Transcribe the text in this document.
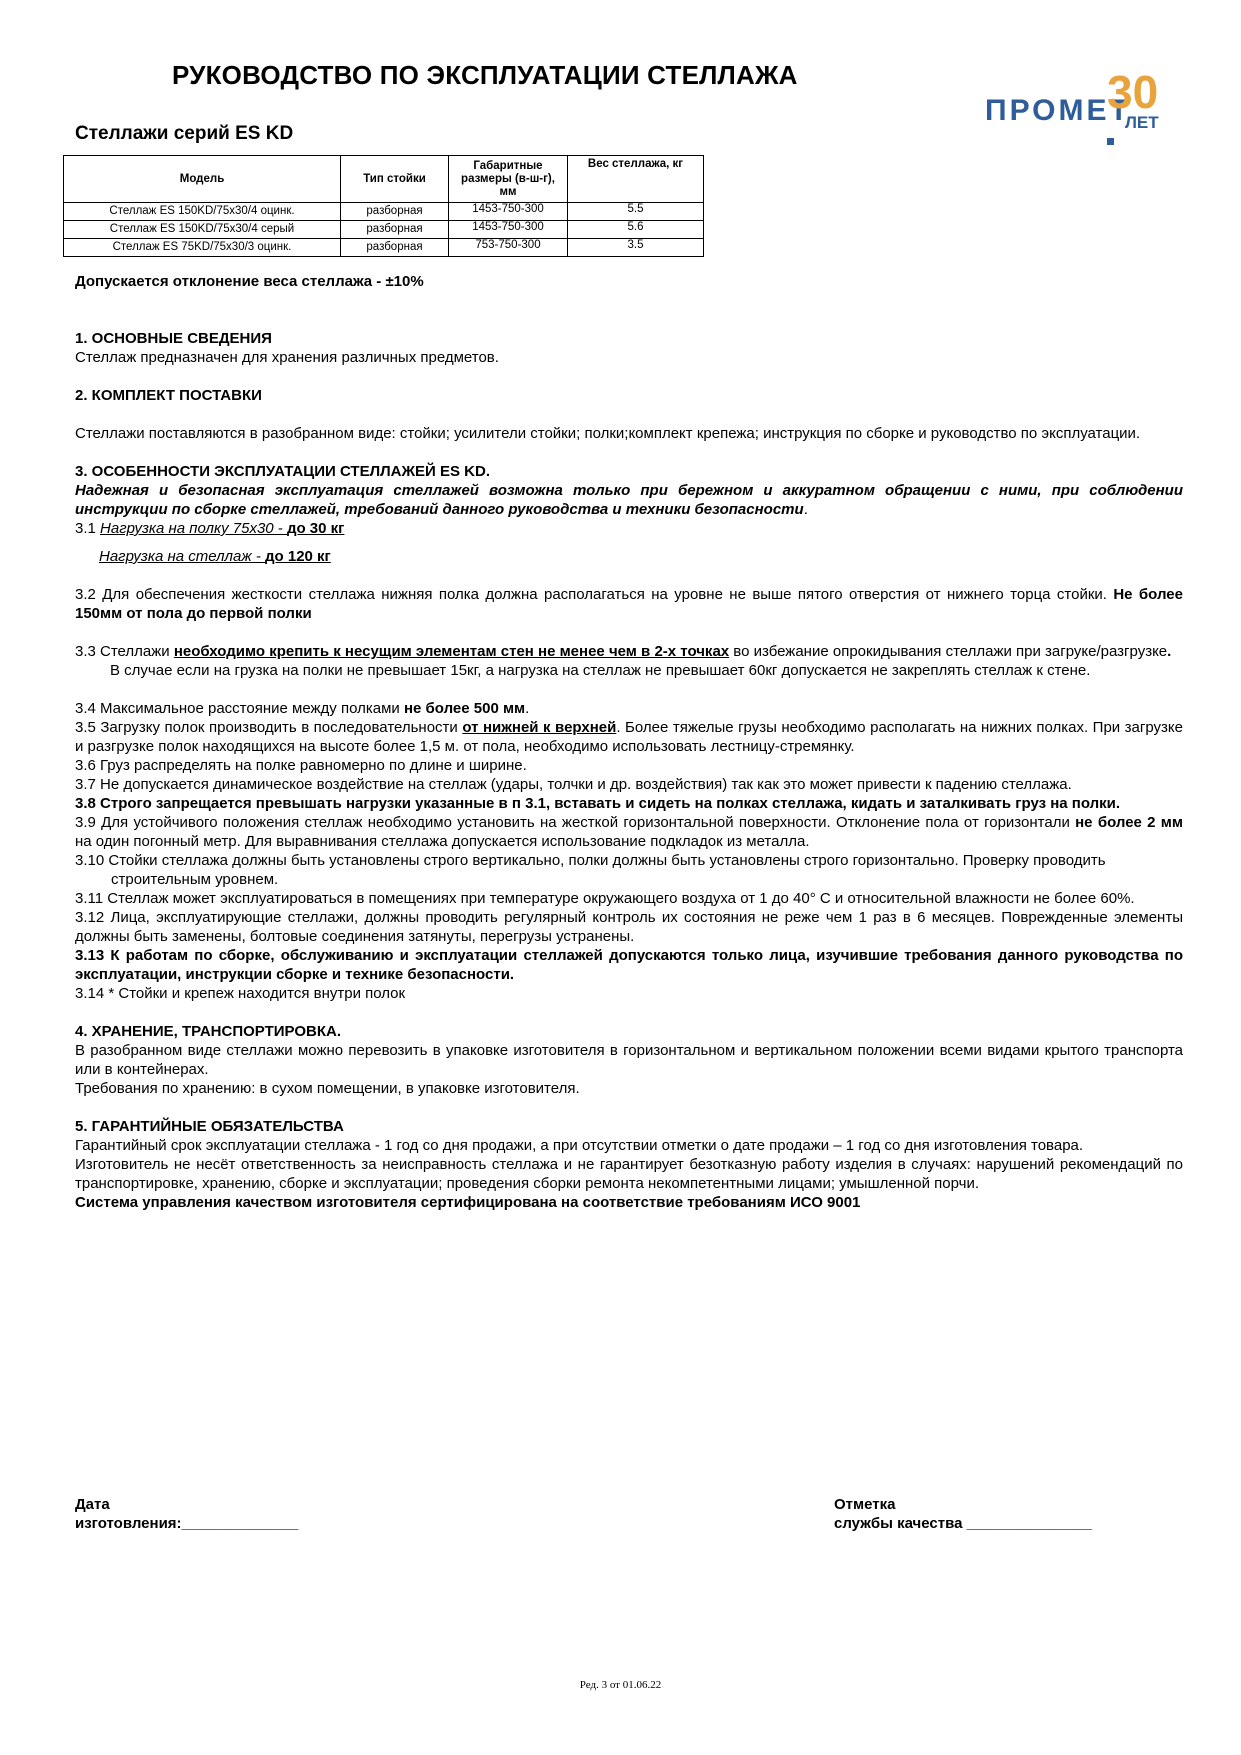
РУКОВОДСТВО ПО ЭКСПЛУАТАЦИИ СТЕЛЛАЖА
ПРОМЕТ
30
ЛЕТ
Стеллажи серий ES KD
Модель	Тип стойки	Габаритные размеры (в-ш-г), мм	Вес стеллажа, кг
Стеллаж ES 150KD/75x30/4 оцинк.	разборная	1453-750-300	5.5
Стеллаж ES 150KD/75x30/4 серый	разборная	1453-750-300	5.6
Стеллаж ES 75KD/75x30/3 оцинк.	разборная	753-750-300	3.5

Допускается отклонение веса стеллажа - ±10%

1. ОСНОВНЫЕ СВЕДЕНИЯ

Стеллаж предназначен для хранения различных предметов.

2. КОМПЛЕКТ ПОСТАВКИ

Стеллажи поставляются в разобранном виде: стойки; усилители стойки; полки;комплект крепежа; инструкция по сборке и руководство по эксплуатации.

3. ОСОБЕННОСТИ ЭКСПЛУАТАЦИИ СТЕЛЛАЖЕЙ ES KD.

Надежная и безопасная эксплуатация стеллажей возможна только при бережном и аккуратном обращении с ними, при соблюдении инструкции по сборке стеллажей, требований данного руководства и техники безопасности.

3.1 Нагрузка на полку 75х30 - до 30 кг

Нагрузка на стеллаж - до 120 кг

3.2 Для обеспечения жесткости стеллажа нижняя полка должна располагаться на уровне не выше пятого отверстия от нижнего торца стойки. Не более 150мм от пола до первой полки

3.3 Стеллажи необходимо крепить к несущим элементам стен не менее чем в 2-х точках во избежание опрокидывания стеллажи при загруке/разгрузке.

В случае если на грузка на полки не превышает 15кг, а нагрузка на стеллаж не превышает 60кг допускается не закреплять стеллаж к стене.

3.4 Максимальное расстояние между полками не более 500 мм.

3.5 Загрузку полок производить в последовательности от нижней к верхней. Более тяжелые грузы необходимо располагать на нижних полках. При загрузке и разгрузке полок находящихся на высоте более 1,5 м. от пола, необходимо использовать лестницу-стремянку.

3.6 Груз распределять на полке равномерно по длине и ширине.

3.7 Не допускается динамическое воздействие на стеллаж (удары, толчки и др. воздействия) так как это может привести к падению стеллажа.

3.8 Строго запрещается превышать нагрузки указанные в п 3.1, вставать и сидеть на полках стеллажа, кидать и заталкивать груз на полки.

3.9 Для устойчивого положения стеллаж необходимо установить на жесткой горизонтальной поверхности. Отклонение пола от горизонтали не более 2 мм на один погонный метр. Для выравнивания стеллажа допускается использование подкладок из металла.

3.10 Стойки стеллажа должны быть установлены строго вертикально, полки должны быть установлены строго горизонтально. Проверку проводить строительным уровнем.

3.11 Стеллаж может эксплуатироваться в помещениях при температуре окружающего воздуха от 1 до 40° С и относительной влажности не более 60%.

3.12 Лица, эксплуатирующие стеллажи, должны проводить регулярный контроль их состояния не реже чем 1 раз в 6 месяцев. Поврежденные элементы должны быть заменены, болтовые соединения затянуты, перегрузы устранены.

3.13 К работам по сборке, обслуживанию и эксплуатации стеллажей допускаются только лица, изучившие требования данного руководства по эксплуатации, инструкции сборке и технике безопасности.

3.14 * Стойки и крепеж находится внутри полок

4. ХРАНЕНИЕ, ТРАНСПОРТИРОВКА.

В разобранном виде стеллажи можно перевозить в упаковке изготовителя в горизонтальном и вертикальном положении всеми видами крытого транспорта или в контейнерах.

Требования по хранению: в сухом помещении, в упаковке изготовителя.

5. ГАРАНТИЙНЫЕ ОБЯЗАТЕЛЬСТВА

Гарантийный срок эксплуатации стеллажа - 1 год со дня продажи, а при отсутствии отметки о дате продажи – 1 год со дня изготовления товара.

Изготовитель не несёт ответственность за неисправность стеллажа и не гарантирует безотказную работу изделия в случаях: нарушений рекомендаций по транспортировке, хранению, сборке и эксплуатации; проведения сборки ремонта некомпетентными лицами; умышленной порчи.

Система управления качеством изготовителя сертифицирована на соответствие требованиям ИСО 9001

Дата
изготовления:______________
Отметка
службы качества _______________
Ред. 3 от 01.06.22
